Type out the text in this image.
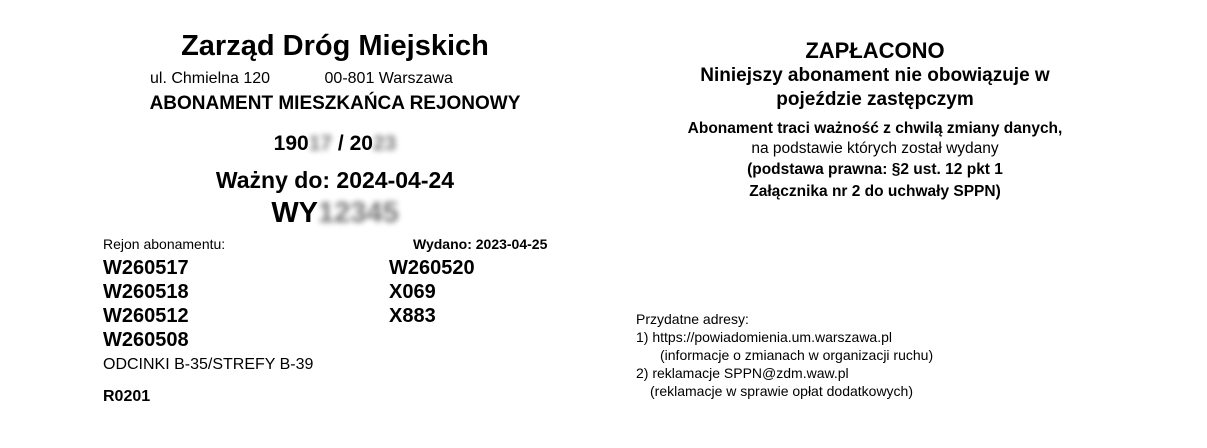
Zarząd Dróg Miejskich
ul. Chmielna 120	00-801 Warszawa
ABONAMENT MIESZKAŃCA REJONOWY
19017 / 2023
Ważny do: 2024-04-24
WY12345
Rejon abonamentu:	Wydano: 2023-04-25
W260517
W260518
W260512
W260508
W260520
X069
X883
ODCINKI B-35/STREFY B-39
R0201
ZAPŁACONO
Niniejszy abonament nie obowiązuje w
pojeździe zastępczym
Abonament traci ważność z chwilą zmiany danych,
na podstawie których został wydany
(podstawa prawna: §2 ust. 12 pkt 1
Załącznika nr 2 do uchwały SPPN)
Przydatne adresy:
1) https://powiadomienia.um.warszawa.pl
(informacje o zmianach w organizacji ruchu)
2) reklamacje SPPN@zdm.waw.pl
(reklamacje w sprawie opłat dodatkowych)
